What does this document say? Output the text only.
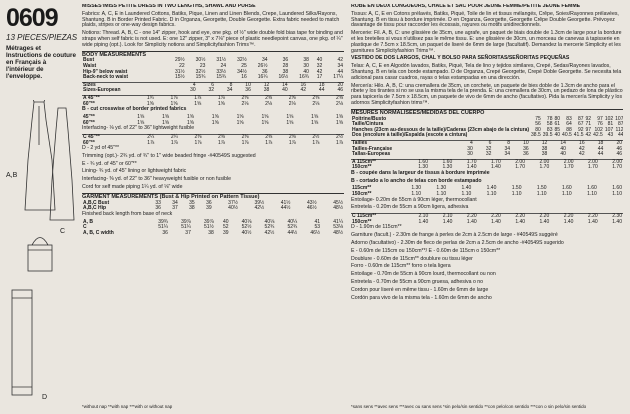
0609
13 PIECES/PIEZAS
Métrages et Instructions de couture en Français à l'intérieur de l'enveloppe.
A,B
C
D
MISSES'/MISS PETITE DRESS IN TWO LENGTHS, SHAWL AND PURSE
Fabrics: A, C, E in Laundered Cottons, Batiks, Pique, Linen and Linen Blends, Crepe, Laundered Silks/Rayons, Shantung. B in Border Printed Fabric. D in Organza, Georgette, Double Georgette. Extra fabric needed to match plaids, stripes or one-way design fabrics.
Notions: Thread. A, B, C - one 14" zipper, hook and eye, one pkg. of ½" wide double fold bias tape for binding and straps when self fabric is not used. E: one 12" zipper, 3" x 7⅛" piece of plastic needlepoint canvas, one pkg. of ¼" wide piping (opt.). Look for Simplicity notions and Simplicityfashion Trims™.
BODY MEASUREMENTS
Bust	29½	30½	31½	32½	34	36	38	40	42
Waist	22	23	24	25	26½	28	30	32	34
Hip-9" below waist	31½	32½	33½	34½	36	38	40	42	44
Back-neck to waist	15½	15¾	15¾	16	16¼	16½	16¾	17	17¼
Sizes	4	6	8	10	12	14	16	18	20
Sizes-European	30	32	34	36	38	40	42	44	46
A 45"**	1¾	1⅞	1⅞	1⅞	2⅝	2⅝	2⅝	2⅝	2⅝
60"**	1⅝	1⅝	1⅝	1⅝	2⅛	2⅛	2⅛	2⅛	2⅛
B - cut crosswise of border printed fabrics
45"**	1⅝	1⅝	1⅝	1⅝	1⅝	1⅝	1⅝	1⅝	1⅝
60"**	1⅝	1⅝	1⅝	1⅝	1⅝	1⅝	1⅝	1⅝	1⅝
Interfacing- ⅛ yd. of 22" to 36" lightweight fusible
C 45"**	2¼	2¼	2⅜	2⅜	2⅜	2⅜	2⅜	2½	2½
60"**	1⅞	1⅞	1⅞	1⅞	1⅞	1⅞	1⅞	1⅞	1⅞
D - 2 yd of 45"**
Trimming (opt.)- 2¾ yd. of ¾" to 1" wide beaded fringe -#40549S suggested
E - ¾ yd. of 45" or 60"**
Lining- ¾ yd. of 45" lining or lightweight fabric
Interfacing- ⅜ yd. of 22" to 36" heavyweight fusible or non fusible
Cord for self made piping 1¼ yd. of ⅛" wide
GARMENT MEASUREMENTS (Bust & Hip Printed on Pattern Tissue)
A,B,C Bust	33	34	35	36	37½	39½	41½	43½	45½
A,B,C Hip	36	37	38	39	40½	42½	44½	46½	48½
Finished back length from base of neck
A, B	39¾	39⅞	39⅞	40	40⅛	40⅛	40¼	41	41¼
C	51¼	51¼	51½	52	52½	52¾	52¾	53	53⅛
A, B, C width	36	37	38	39	40½	42½	44½	46½	48½
*without nap **with nap ***with or without nap
ROBE EN DEUX LONGUEURS, CHALE ET SAC POUR JEUNE FEMME/PETITE JEUNE FEMME
Tissus: A, C, E en Cotons prélavés, Batiks, Piqué, Toile de lin et tissus mélangés, Crêpe, Soies/Rayonnes prélavées, Shantung. B en tissu à bordure imprimée. D en Organza, Georgette, Georgette Crêpe Double Georgette. Prévoyez davantage de tissu pour raccorder les écossais, rayures ou motifs unidirectionnels.
Mercerie: Fil. A, B, C: une glissière de 35cm, une agrafe, un paquet de biais double de 1.3cm de large pour la bordure et les bretelles si vous n'utilisez pas le même tissu. E: une glissière de 30cm, un morceau de canevas à tapisserie en plastique de 7.5cm x 18.5cm, un paquet de liseré de 6mm de large (facultatif). Demandez la mercerie Simplicity et les garnitures Simplicityfashion Trims™.
VESTIDO DE DOS LARGOS, CHAL Y BOLSO PARA SEÑORITAS/SEÑORITAS PEQUEÑAS
Telas: A, C, E en Algodón lavados, Batiks, Piqué, Tela de lino y tejidos similares, Crepé, Sedas/Rayones lavados, Shantung. B en tela con borde estampado. D de Organza, Crepé Georgette, Crepé Doble Georgette. Se necesita tela adicional para casar cuadros, rayas o telas estampadas en una dirección.
Mercería: Hilo. A, B, C: una cremallera de 35cm, un corchete, un paquete de bies doble de 1.3cm de ancho para el ribete y los tirantes si no se usa la misma tela de la prenda. E: una cremallera de 30cm, un pedazo de lona de plástico para tapicería de 7.5cm x 18.5cm, un paquete de vivo de 6mm de ancho (facultativo). Pida la mercería Simplicity y los adornos Simplicityfashion trims™.
MESURES NORMALISÉES/MEDIDAS DEL CUERPO
Poitrine/Busto	75	78	80	83	87	92	97	102	107
Taille/Cintura	56	58	61	64	67	71	76	81	87
Hanches (23cm au-dessous de la taille)/Caderas (23cm abajo de la cintura)	80	83	85	88	92	97	102	107	112
Dos (encolure à taille)/Espalda (escote a cintura)	38.5	39.5	40	40.5	41.5	42	42.5	43	44
Tailles	4	6	8	10	12	14	16	18	20
Tailles-Française	30	32	34	36	38	40	42	44	46
Tallas-Europeas	30	32	34	36	38	40	42	44	46
A 115cm**	1.60	1.60	1.70	1.70	2.00	2.00	2.00	2.00	2.00
150cm**	1.30	1.30	1.40	1.40	1.70	1.70	1.70	1.70	1.70
B - coupée dans la largeur de tissus à bordure imprimée
B - cortado a lo ancho de telas con borde estampado
115cm**	1.30	1.30	1.40	1.40	1.50	1.50	1.60	1.60	1.60
150cm**	1.10	1.10	1.10	1.10	1.10	1.10	1.10	1.10	1.10
Entoilage- 0.20m de 55cm à 90cm léger, thermocollant
Entretela - 0.20m de 55cm a 90cm ligera, adhesiva
C 115cm**	2.10	2.10	2.20	2.20	2.20	2.20	2.20	2.20	2.30
150cm**	1.40	1.40	1.40	1.40	1.40	1.40	1.40	1.40	1.40
D - 1.90m de 115cm**
Garniture (facult.) - 2.30m de frange à perles de 2cm à 2.5cm de large - #40549S suggéré
Adorno (facultativo) - 2.30m de fleco de perlas de 2cm a 2.5cm de ancho -#40549S sugerido
E - 0.60m de 115cm ou 150cm**/ E - 0.60m de 115cm o 150cm**
Doublure - 0.60m de 115cm** doublure ou tissu léger
Forro - 0.60m de 115cm** forro o tela ligera
Entoilage - 0.70m de 55cm à 90cm lourd, thermocollant ou non
Entretela - 0.70m de 55cm a 90cm gruesa, adhesiva o no
Cordon pour liseré en même tissu - 1.60m de 6mm de large
Cordón para vivo de la misma tela - 1.60m de 6mm de ancho
*sans sens **avec sens ***avec ou sans sens *sin pelo/sin sentido **con pelo/con sentido ***con o sin pelo/sin sentido
